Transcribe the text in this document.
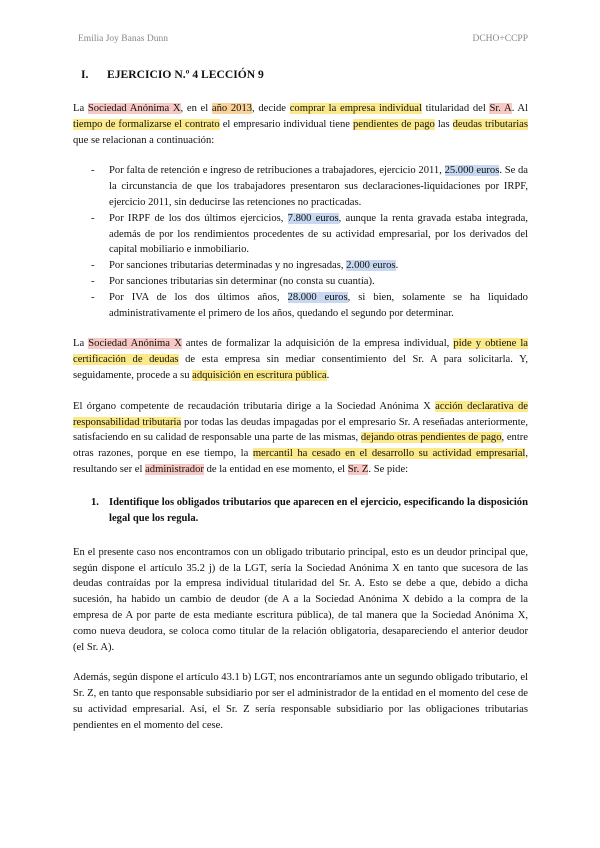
Emilia Joy Banas Dunn	DCHO+CCPP
I. EJERCICIO N.º 4 LECCIÓN 9

La Sociedad Anónima X, en el año 2013, decide comprar la empresa individual titularidad del Sr. A. Al tiempo de formalizarse el contrato el empresario individual tiene pendientes de pago las deudas tributarias que se relacionan a continuación:

- Por falta de retención e ingreso de retribuciones a trabajadores, ejercicio 2011, 25.000 euros. Se da la circunstancia de que los trabajadores presentaron sus declaraciones-liquidaciones por IRPF, ejercicio 2011, sin deducirse las retenciones no practicadas.
- Por IRPF de los dos últimos ejercicios, 7.800 euros, aunque la renta gravada estaba integrada, además de por los rendimientos procedentes de su actividad empresarial, por los derivados del capital mobiliario e inmobiliario.
- Por sanciones tributarias determinadas y no ingresadas, 2.000 euros.
- Por sanciones tributarias sin determinar (no consta su cuantía).
- Por IVA de los dos últimos años, 28.000 euros, si bien, solamente se ha liquidado administrativamente el primero de los años, quedando el segundo por determinar.

La Sociedad Anónima X antes de formalizar la adquisición de la empresa individual, pide y obtiene la certificación de deudas de esta empresa sin mediar consentimiento del Sr. A para solicitarla. Y, seguidamente, procede a su adquisición en escritura pública.

El órgano competente de recaudación tributaria dirige a la Sociedad Anónima X acción declarativa de responsabilidad tributaria por todas las deudas impagadas por el empresario Sr. A reseñadas anteriormente, satisfaciendo en su calidad de responsable una parte de las mismas, dejando otras pendientes de pago, entre otras razones, porque en ese tiempo, la mercantil ha cesado en el desarrollo su actividad empresarial, resultando ser el administrador de la entidad en ese momento, el Sr. Z. Se pide:

1. Identifique los obligados tributarios que aparecen en el ejercicio, especificando la disposición legal que los regula.

En el presente caso nos encontramos con un obligado tributario principal, esto es un deudor principal que, según dispone el artículo 35.2 j) de la LGT, sería la Sociedad Anónima X en tanto que sucesora de las deudas contraídas por la empresa individual titularidad del Sr. A. Esto se debe a que, debido a dicha sucesión, ha habido un cambio de deudor (de A a la Sociedad Anónima X debido a la compra de la empresa de A por parte de esta mediante escritura pública), de tal manera que la Sociedad Anónima X, como nueva deudora, se coloca como titular de la relación obligatoria, desapareciendo el anterior deudor (el Sr. A).

Además, según dispone el artículo 43.1 b) LGT, nos encontraríamos ante un segundo obligado tributario, el Sr. Z, en tanto que responsable subsidiario por ser el administrador de la entidad en el momento del cese de su actividad empresarial. Así, el Sr. Z sería responsable subsidiario por las obligaciones tributarias pendientes en el momento del cese.
